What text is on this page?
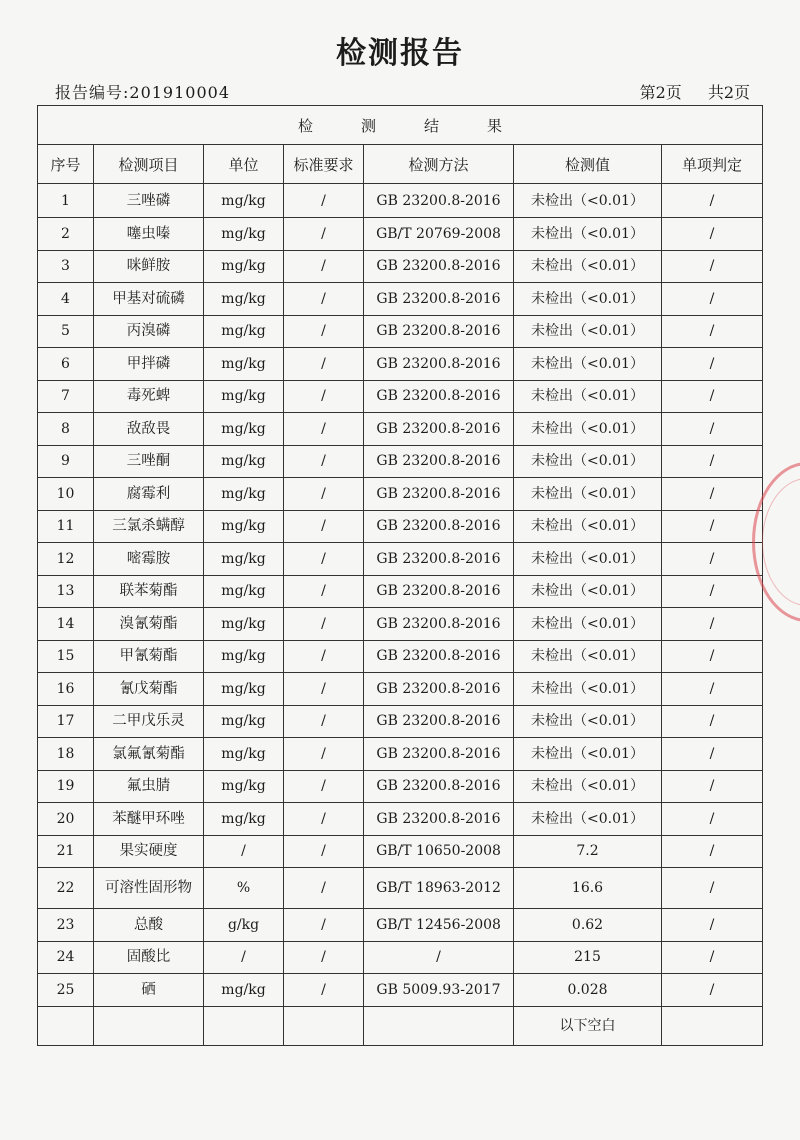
检测报告
报告编号:201910004	第2页 共2页
检 测 结 果						
序号	检测项目	单位	标准要求	检测方法	检测值	单项判定
1	三唑磷	mg/kg	/	GB 23200.8-2016	未检出（<0.01）	/
2	噻虫嗪	mg/kg	/	GB/T 20769-2008	未检出（<0.01）	/
3	咪鲜胺	mg/kg	/	GB 23200.8-2016	未检出（<0.01）	/
4	甲基对硫磷	mg/kg	/	GB 23200.8-2016	未检出（<0.01）	/
5	丙溴磷	mg/kg	/	GB 23200.8-2016	未检出（<0.01）	/
6	甲拌磷	mg/kg	/	GB 23200.8-2016	未检出（<0.01）	/
7	毒死蜱	mg/kg	/	GB 23200.8-2016	未检出（<0.01）	/
8	敌敌畏	mg/kg	/	GB 23200.8-2016	未检出（<0.01）	/
9	三唑酮	mg/kg	/	GB 23200.8-2016	未检出（<0.01）	/
10	腐霉利	mg/kg	/	GB 23200.8-2016	未检出（<0.01）	/
11	三氯杀螨醇	mg/kg	/	GB 23200.8-2016	未检出（<0.01）	/
12	嘧霉胺	mg/kg	/	GB 23200.8-2016	未检出（<0.01）	/
13	联苯菊酯	mg/kg	/	GB 23200.8-2016	未检出（<0.01）	/
14	溴氰菊酯	mg/kg	/	GB 23200.8-2016	未检出（<0.01）	/
15	甲氰菊酯	mg/kg	/	GB 23200.8-2016	未检出（<0.01）	/
16	氰戊菊酯	mg/kg	/	GB 23200.8-2016	未检出（<0.01）	/
17	二甲戊乐灵	mg/kg	/	GB 23200.8-2016	未检出（<0.01）	/
18	氯氟氰菊酯	mg/kg	/	GB 23200.8-2016	未检出（<0.01）	/
19	氟虫腈	mg/kg	/	GB 23200.8-2016	未检出（<0.01）	/
20	苯醚甲环唑	mg/kg	/	GB 23200.8-2016	未检出（<0.01）	/
21	果实硬度	/	/	GB/T 10650-2008	7.2	/
22	可溶性固形物	%	/	GB/T 18963-2012	16.6	/
23	总酸	g/kg	/	GB/T 12456-2008	0.62	/
24	固酸比	/	/	/	215	/
25	硒	mg/kg	/	GB 5009.93-2017	0.028	/
					以下空白	
